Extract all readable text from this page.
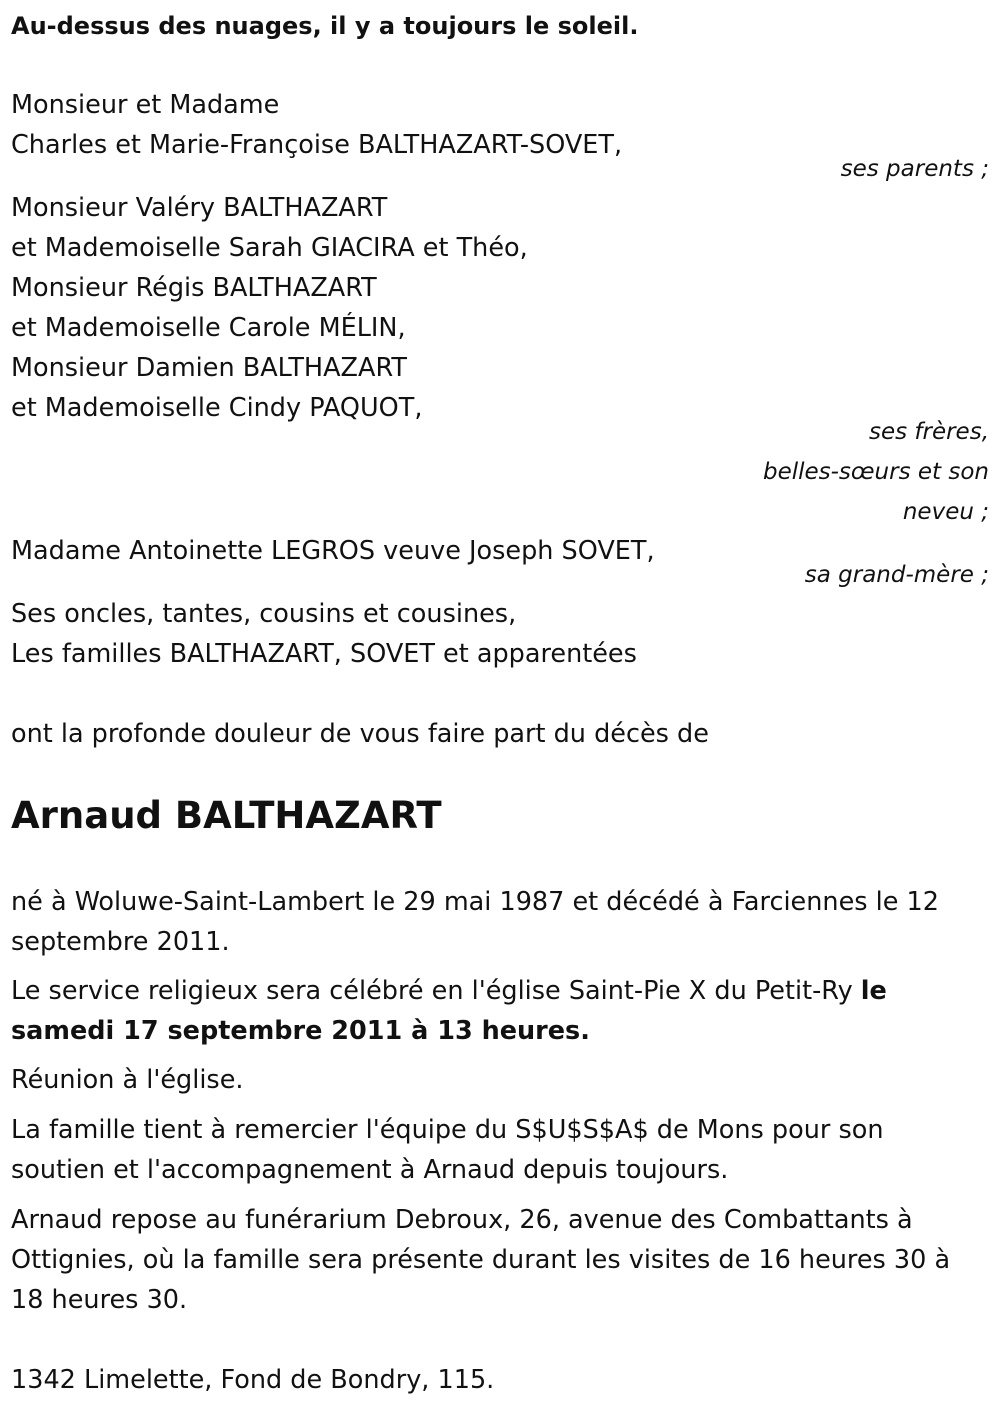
Au-dessus des nuages, il y a toujours le soleil.
Monsieur et Madame
Charles et Marie-Françoise BALTHAZART-SOVET,
ses parents ;
Monsieur Valéry BALTHAZART
et Mademoiselle Sarah GIACIRA et Théo,
Monsieur Régis BALTHAZART
et Mademoiselle Carole MÉLIN,
Monsieur Damien BALTHAZART
et Mademoiselle Cindy PAQUOT,
ses frères,
belles-sœurs et son
neveu ;
Madame Antoinette LEGROS veuve Joseph SOVET,
sa grand-mère ;
Ses oncles, tantes, cousins et cousines,
Les familles BALTHAZART, SOVET et apparentées
ont la profonde douleur de vous faire part du décès de
Arnaud BALTHAZART
né à Woluwe-Saint-Lambert le 29 mai 1987 et décédé à Farciennes le 12
septembre 2011.
Le service religieux sera célébré en l'église Saint-Pie X du Petit-Ry le
samedi 17 septembre 2011 à 13 heures.
Réunion à l'église.
La famille tient à remercier l'équipe du S$U$S$A$ de Mons pour son
soutien et l'accompagnement à Arnaud depuis toujours.
Arnaud repose au funérarium Debroux, 26, avenue des Combattants à
Ottignies, où la famille sera présente durant les visites de 16 heures 30 à
18 heures 30.
1342 Limelette, Fond de Bondry, 115.
